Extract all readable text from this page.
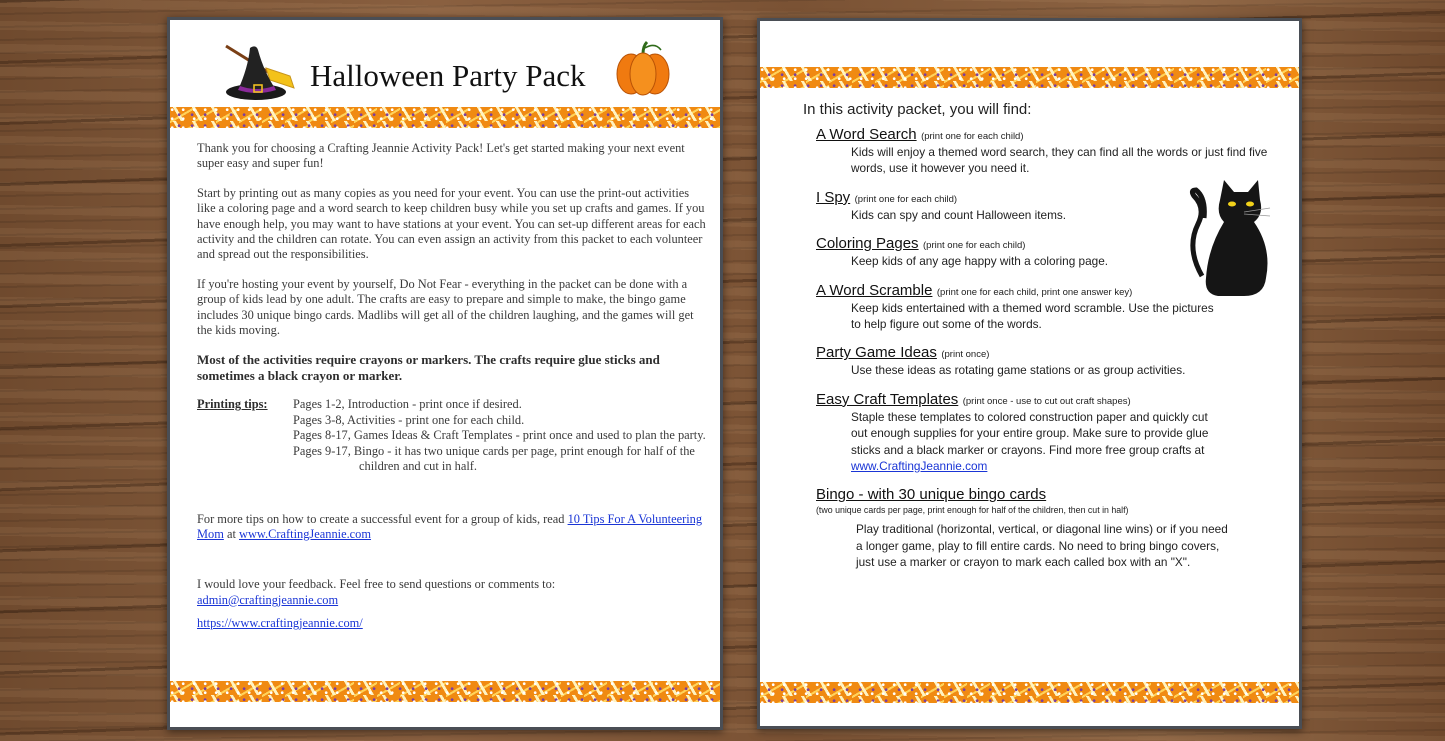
Halloween Party Pack

Thank you for choosing a Crafting Jeannie Activity Pack! Let's get started making your next event super easy and super fun!

Start by printing out as many copies as you need for your event. You can use the print-out activities like a coloring page and a word search to keep children busy while you set up crafts and games. If you have enough help, you may want to have stations at your event. You can set-up different areas for each activity and the children can rotate. You can even assign an activity from this packet to each volunteer and spread out the responsibilities.

If you're hosting your event by yourself, Do Not Fear - everything in the packet can be done with a group of kids lead by one adult. The crafts are easy to prepare and simple to make, the bingo game includes 30 unique bingo cards. Madlibs will get all of the children laughing, and the games will get the kids moving.

Most of the activities require crayons or markers. The crafts require glue sticks and sometimes a black crayon or marker.

Printing tips:	Pages 1-2, Introduction - print once if desired.
Pages 3-8, Activities - print one for each child.
Pages 8-17, Games Ideas & Craft Templates - print once and used to plan the party.
Pages 9-17, Bingo - it has two unique cards per page, print enough for half of the children and cut in half.

For more tips on how to create a successful event for a group of kids, read 10 Tips For A Volunteering Mom at www.CraftingJeannie.com

I would love your feedback. Feel free to send questions or comments to:
admin@craftingjeannie.com

https://www.craftingjeannie.com/

In this activity packet, you will find:
A Word Search (print one for each child)
Kids will enjoy a themed word search, they can find all the words or just find five words, use it however you need it.
I Spy (print one for each child)
Kids can spy and count Halloween items.
Coloring Pages (print one for each child)
Keep kids of any age happy with a coloring page.
A Word Scramble (print one for each child, print one answer key)
Keep kids entertained with a themed word scramble. Use the pictures to help figure out some of the words.
Party Game Ideas (print once)
Use these ideas as rotating game stations or as group activities.
Easy Craft Templates (print once - use to cut out craft shapes)
Staple these templates to colored construction paper and quickly cut out enough supplies for your entire group. Make sure to provide glue sticks and a black marker or crayons. Find more free group crafts at www.CraftingJeannie.com
Bingo - with 30 unique bingo cards
(two unique cards per page, print enough for half of the children, then cut in half)
Play traditional (horizontal, vertical, or diagonal line wins) or if you need a longer game, play to fill entire cards. No need to bring bingo covers, just use a marker or crayon to mark each called box with an "X".
